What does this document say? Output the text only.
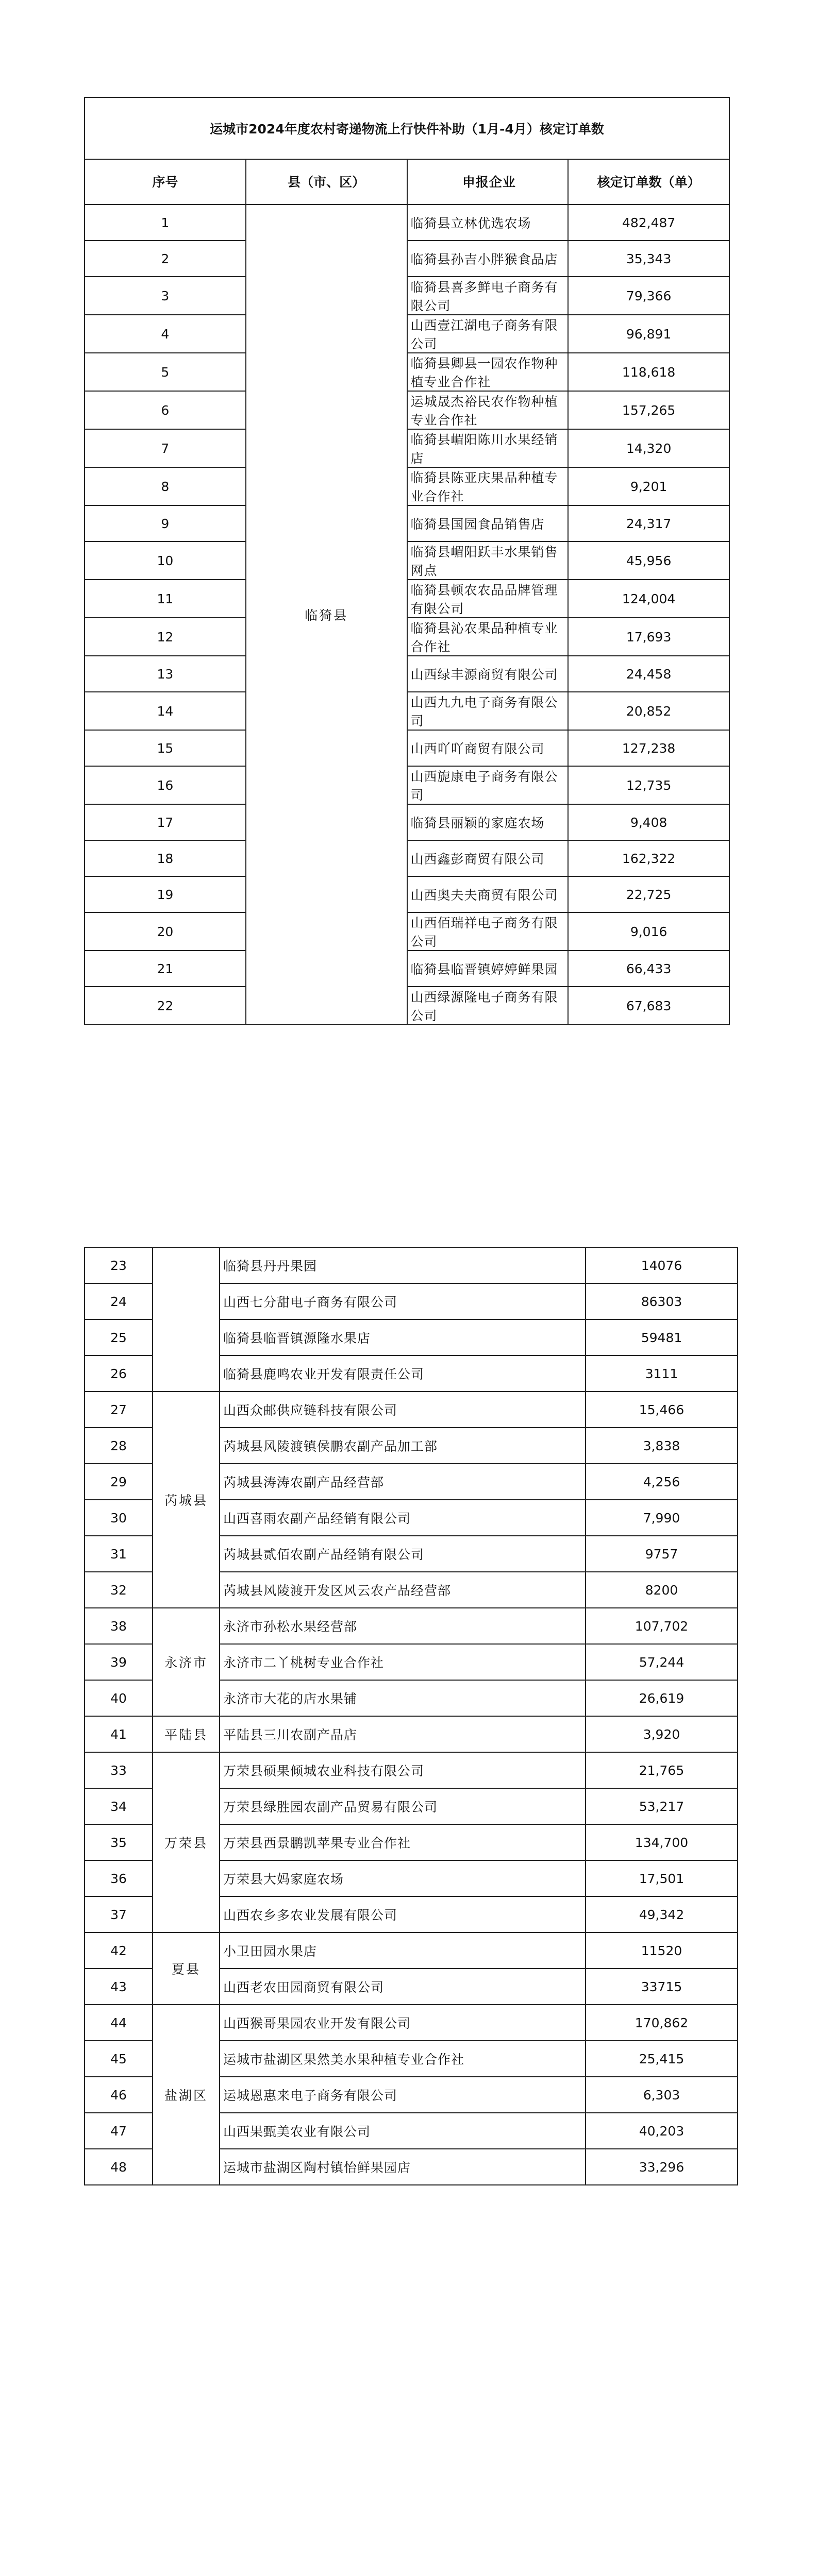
运城市2024年度农村寄递物流上行快件补助（1月-4月）核定订单数			
序号	县（市、区）	申报企业	核定订单数（单）
1	临猗县	临猗县立林优选农场	482,487
2		临猗县孙吉小胖猴食品店	35,343
3		临猗县喜多鲜电子商务有限公司	79,366
4		山西壹江湖电子商务有限公司	96,891
5		临猗县卿县一园农作物种植专业合作社	118,618
6		运城晟杰裕民农作物种植专业合作社	157,265
7		临猗县嵋阳陈川水果经销店	14,320
8		临猗县陈亚庆果品种植专业合作社	9,201
9		临猗县国园食品销售店	24,317
10		临猗县嵋阳跃丰水果销售网点	45,956
11		临猗县顿农农品品牌管理有限公司	124,004
12		临猗县沁农果品种植专业合作社	17,693
13		山西绿丰源商贸有限公司	24,458
14		山西九九电子商务有限公司	20,852
15		山西吖吖商贸有限公司	127,238
16		山西旎康电子商务有限公司	12,735
17		临猗县丽颖的家庭农场	9,408
18		山西鑫彭商贸有限公司	162,322
19		山西奥夫夫商贸有限公司	22,725
20		山西佰瑞祥电子商务有限公司	9,016
21		临猗县临晋镇婷婷鲜果园	66,433
22		山西绿源隆电子商务有限公司	67,683
23		临猗县丹丹果园	14076
24		山西七分甜电子商务有限公司	86303
25		临猗县临晋镇源隆水果店	59481
26		临猗县鹿鸣农业开发有限责任公司	3111
27	芮城县	山西众邮供应链科技有限公司	15,466
28		芮城县风陵渡镇侯鹏农副产品加工部	3,838
29		芮城县涛涛农副产品经营部	4,256
30		山西喜雨农副产品经销有限公司	7,990
31		芮城县贰佰农副产品经销有限公司	9757
32		芮城县风陵渡开发区风云农产品经营部	8200
38	永济市	永济市孙松水果经营部	107,702
39		永济市二丫桃树专业合作社	57,244
40		永济市大花的店水果铺	26,619
41	平陆县	平陆县三川农副产品店	3,920
33	万荣县	万荣县硕果倾城农业科技有限公司	21,765
34		万荣县绿胜园农副产品贸易有限公司	53,217
35		万荣县西景鹏凯苹果专业合作社	134,700
36		万荣县大妈家庭农场	17,501
37		山西农乡多农业发展有限公司	49,342
42	夏县	小卫田园水果店	11520
43		山西老农田园商贸有限公司	33715
44	盐湖区	山西猴哥果园农业开发有限公司	170,862
45		运城市盐湖区果然美水果种植专业合作社	25,415
46		运城恩惠来电子商务有限公司	6,303
47		山西果甄美农业有限公司	40,203
48		运城市盐湖区陶村镇怡鲜果园店	33,296
